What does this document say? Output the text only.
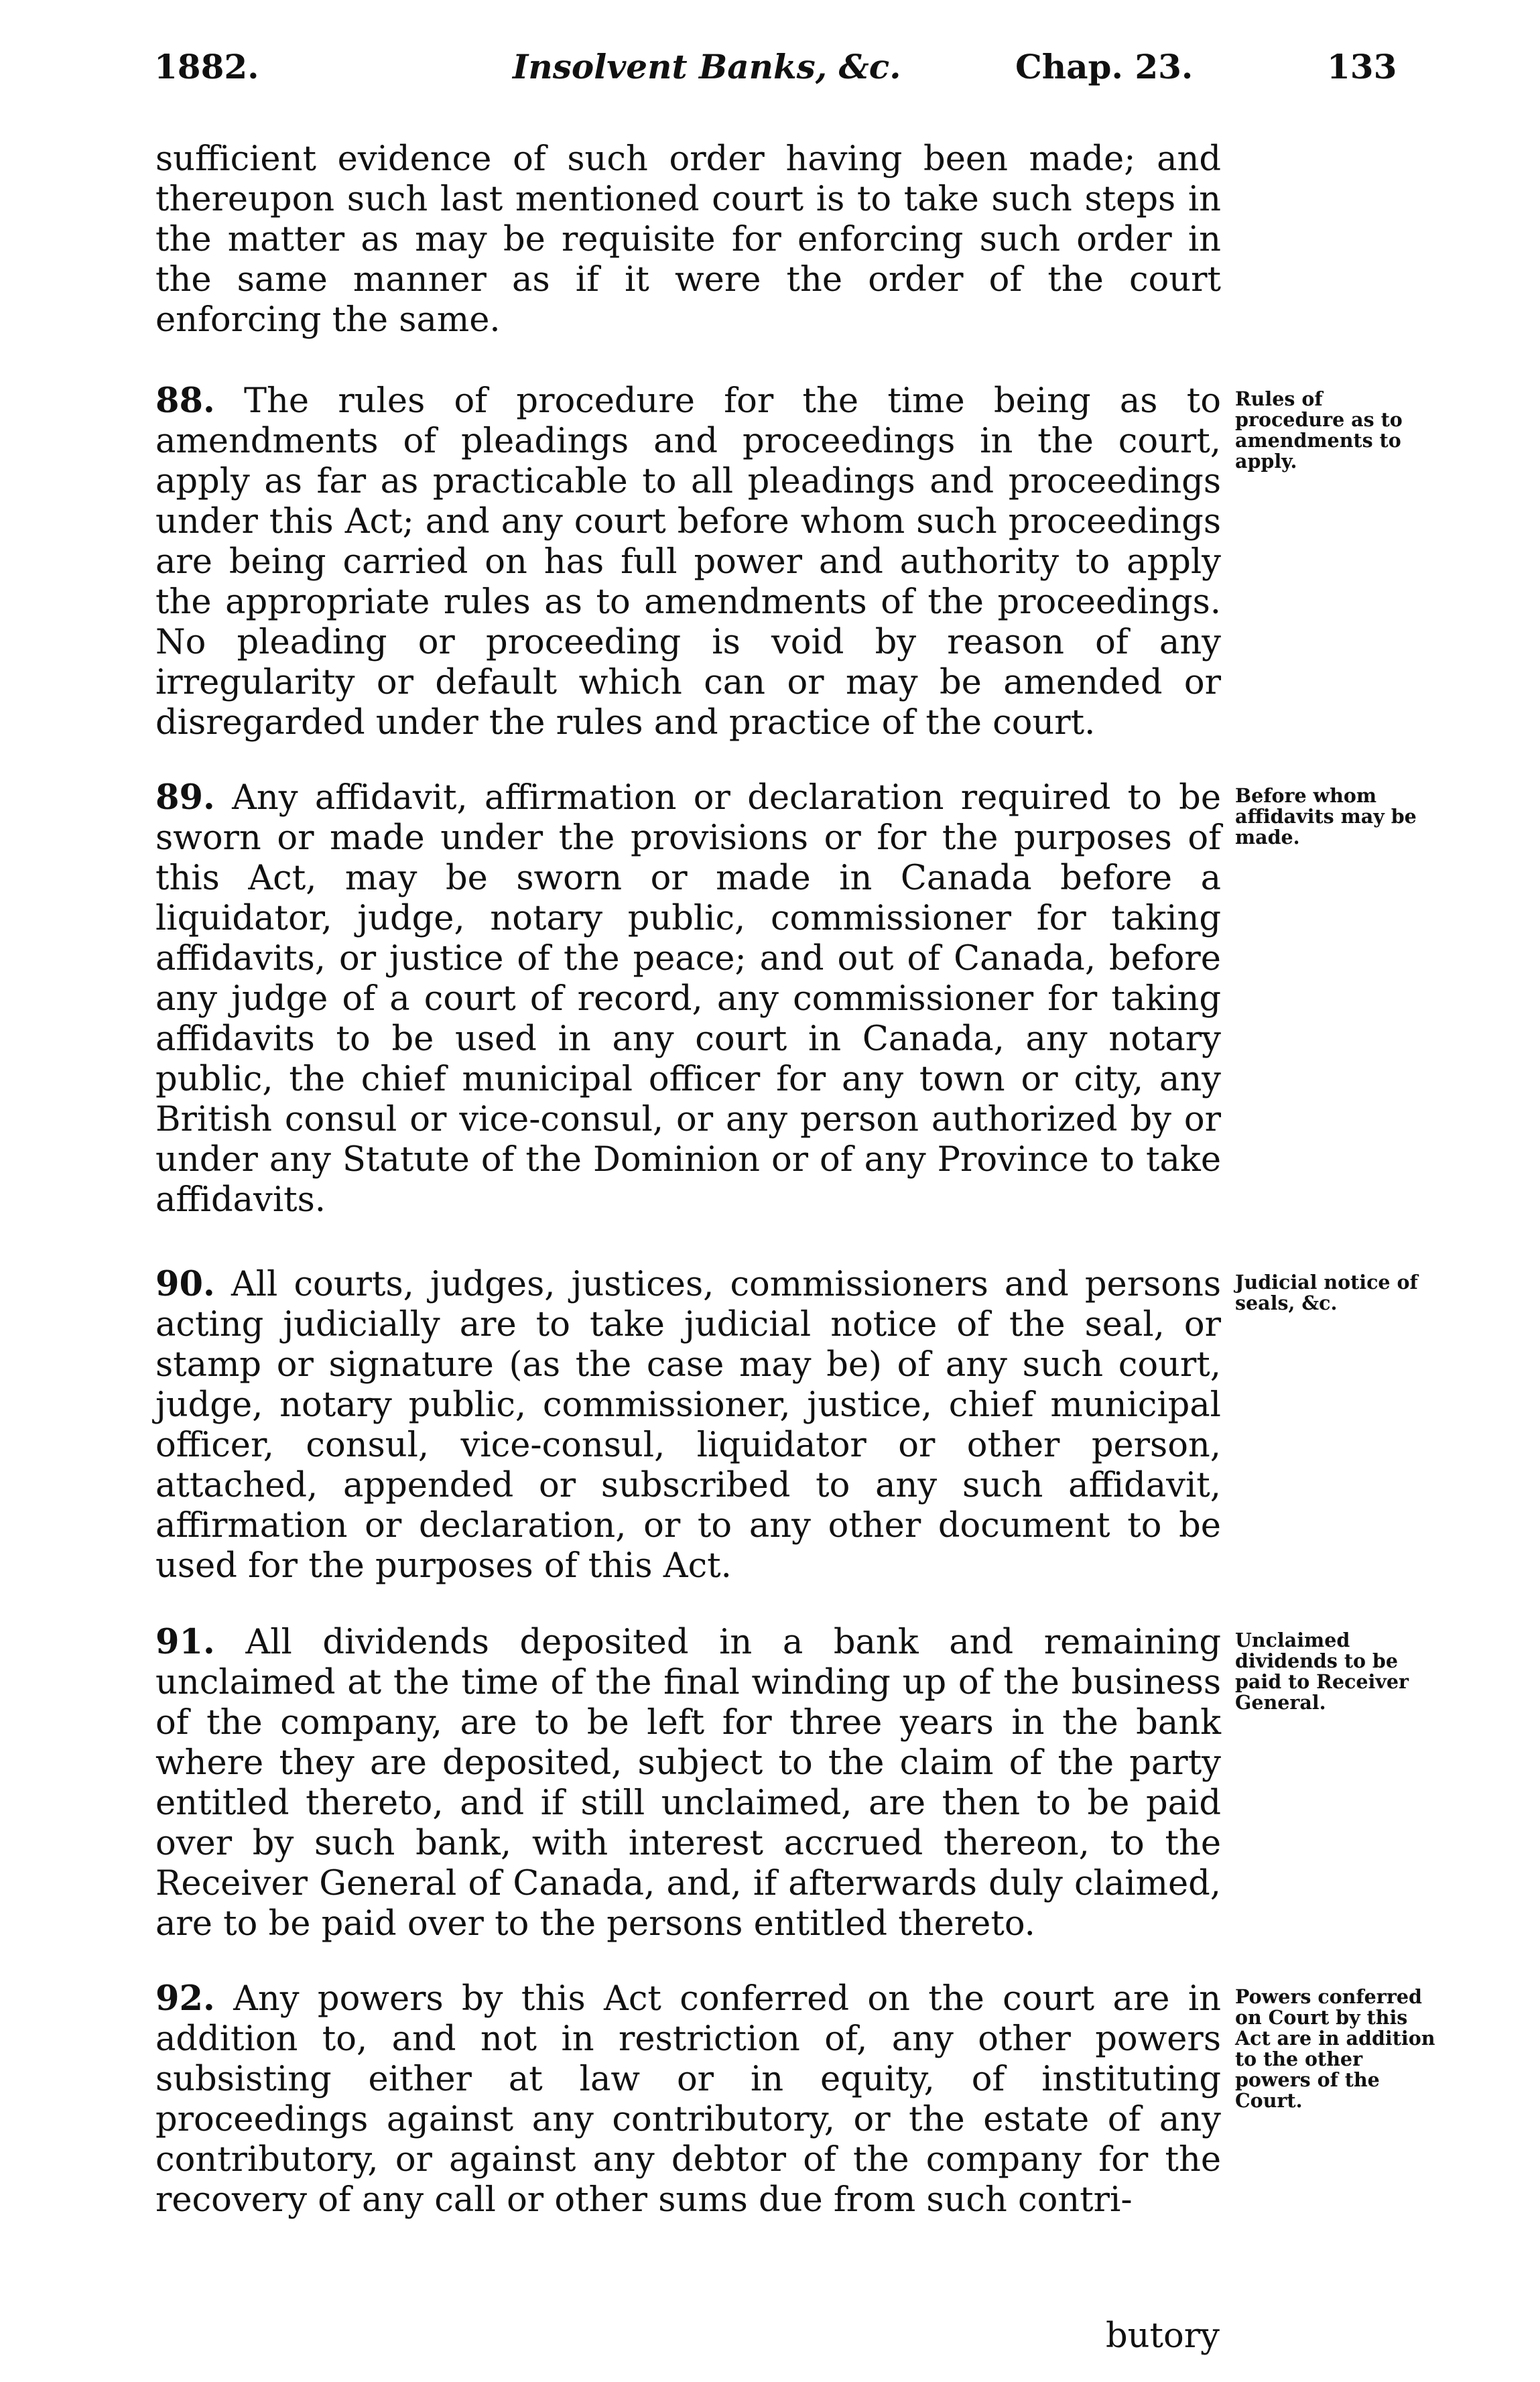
1882.	Insolvent Banks, &c.	Chap. 23.	133

sufficient evidence of such order having been made; and thereupon such last mentioned court is to take such steps in the matter as may be requisite for enforcing such order in the same manner as if it were the order of the court enforcing the same.

88. The rules of procedure for the time being as to amendments of pleadings and proceedings in the court, apply as far as practicable to all pleadings and proceedings under this Act; and any court before whom such proceedings are being carried on has full power and authority to apply the appropriate rules as to amendments of the proceedings. No pleading or proceeding is void by reason of any irregularity or default which can or may be amended or disregarded under the rules and practice of the court.

Rules of procedure as to amendments to apply.

89. Any affidavit, affirmation or declaration required to be sworn or made under the provisions or for the purposes of this Act, may be sworn or made in Canada before a liquidator, judge, notary public, commissioner for taking affidavits, or justice of the peace; and out of Canada, before any judge of a court of record, any commissioner for taking affidavits to be used in any court in Canada, any notary public, the chief municipal officer for any town or city, any British consul or vice-consul, or any person authorized by or under any Statute of the Dominion or of any Province to take affidavits.

Before whom affidavits may be made.

90. All courts, judges, justices, commissioners and persons acting judicially are to take judicial notice of the seal, or stamp or signature (as the case may be) of any such court, judge, notary public, commissioner, justice, chief municipal officer, consul, vice-consul, liquidator or other person, attached, appended or subscribed to any such affidavit, affirmation or declaration, or to any other document to be used for the purposes of this Act.

Judicial notice of seals, &c.

91. All dividends deposited in a bank and remaining unclaimed at the time of the final winding up of the business of the company, are to be left for three years in the bank where they are deposited, subject to the claim of the party entitled thereto, and if still unclaimed, are then to be paid over by such bank, with interest accrued thereon, to the Receiver General of Canada, and, if afterwards duly claimed, are to be paid over to the persons entitled thereto.

Unclaimed dividends to be paid to Receiver General.

92. Any powers by this Act conferred on the court are in addition to, and not in restriction of, any other powers subsisting either at law or in equity, of instituting proceedings against any contributory, or the estate of any contributory, or against any debtor of the company for the recovery of any call or other sums due from such contri-

Powers conferred on Court by this Act are in addition to the other powers of the Court.
butory
